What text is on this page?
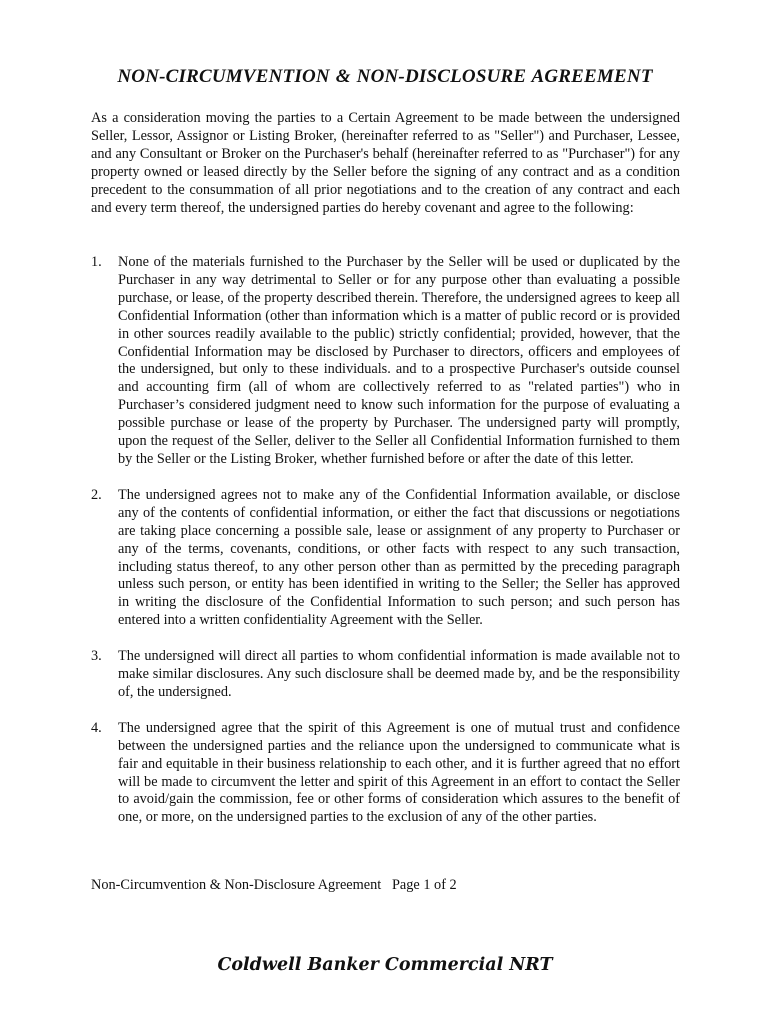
NON-CIRCUMVENTION & NON-DISCLOSURE AGREEMENT
As a consideration moving the parties to a Certain Agreement to be made between the undersigned Seller, Lessor, Assignor or Listing Broker, (hereinafter referred to as "Seller") and Purchaser, Lessee, and any Consultant or Broker on the Purchaser's behalf (hereinafter referred to as "Purchaser") for any property owned or leased directly by the Seller before the signing of any contract and as a condition precedent to the consummation of all prior negotiations and to the creation of any contract and each and every term thereof, the undersigned parties do hereby covenant and agree to the following:
1. None of the materials furnished to the Purchaser by the Seller will be used or duplicated by the Purchaser in any way detrimental to Seller or for any purpose other than evaluating a possible purchase, or lease, of the property described therein. Therefore, the undersigned agrees to keep all Confidential Information (other than information which is a matter of public record or is provided in other sources readily available to the public) strictly confidential; provided, however, that the Confidential Information may be disclosed by Purchaser to directors, officers and employees of the undersigned, but only to these individuals. and to a prospective Purchaser's outside counsel and accounting firm (all of whom are collectively referred to as "related parties") who in Purchaser’s considered judgment need to know such information for the purpose of evaluating a possible purchase or lease of the property by Purchaser. The undersigned party will promptly, upon the request of the Seller, deliver to the Seller all Confidential Information furnished to them by the Seller or the Listing Broker, whether furnished before or after the date of this letter.
2. The undersigned agrees not to make any of the Confidential Information available, or disclose any of the contents of confidential information, or either the fact that discussions or negotiations are taking place concerning a possible sale, lease or assignment of any property to Purchaser or any of the terms, covenants, conditions, or other facts with respect to any such transaction, including status thereof, to any other person other than as permitted by the preceding paragraph unless such person, or entity has been identified in writing to the Seller; the Seller has approved in writing the disclosure of the Confidential Information to such person; and such person has entered into a written confidentiality Agreement with the Seller.
3. The undersigned will direct all parties to whom confidential information is made available not to make similar disclosures. Any such disclosure shall be deemed made by, and be the responsibility of, the undersigned.
4. The undersigned agree that the spirit of this Agreement is one of mutual trust and confidence between the undersigned parties and the reliance upon the undersigned to communicate what is fair and equitable in their business relationship to each other, and it is further agreed that no effort will be made to circumvent the letter and spirit of this Agreement in an effort to contact the Seller to avoid/gain the commission, fee or other forms of consideration which assures to the benefit of one, or more, on the undersigned parties to the exclusion of any of the other parties.
Non-Circumvention & Non-Disclosure Agreement   Page 1 of 2
Coldwell Banker Commercial NRT
